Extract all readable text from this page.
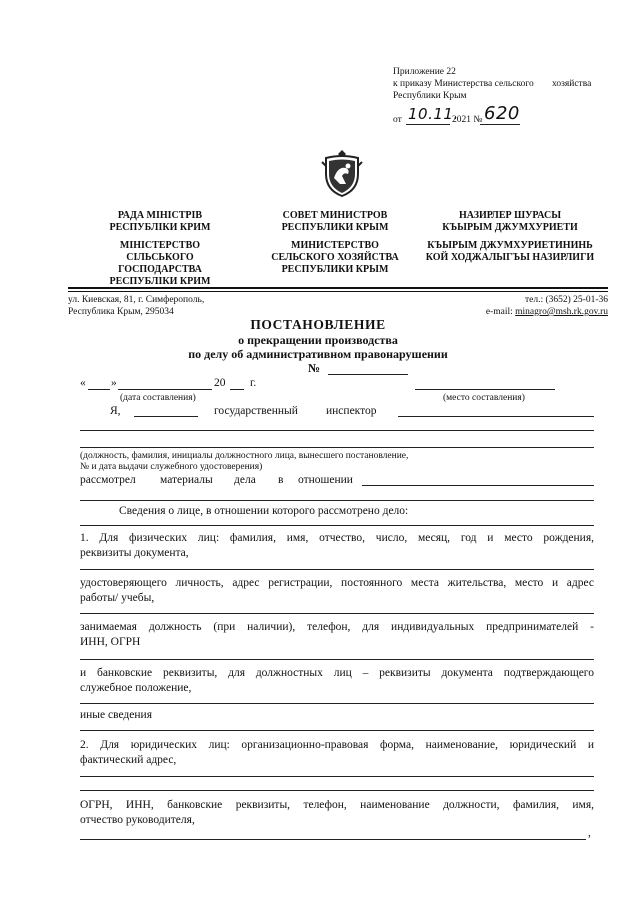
Приложение 22
к приказу Министерства сельского хозяйства
Республики Крым
от 10.11.
2021 № 620
РАДА МІНІСТРІВ
РЕСПУБЛІКИ КРИМ
СОВЕТ МИНИСТРОВ
РЕСПУБЛИКИ КРЫМ
НАЗИРЛЕР ШУРАСЫ
КЪЫРЫМ ДЖУМХУРИЕТИ
МІНІСТЕРСТВО
СІЛЬСЬКОГО
ГОСПОДАРСТВА
РЕСПУБЛІКИ КРИМ
МИНИСТЕРСТВО
СЕЛЬСКОГО ХОЗЯЙСТВА
РЕСПУБЛИКИ КРЫМ
КЪЫРЫМ ДЖУМХУРИЕТИНИНЬ
КОЙ ХОДЖАЛЫГЪЫ НАЗИРЛИГИ
ул. Киевская, 81, г. Симферополь,
Республика Крым, 295034
тел.: (3652) 25-01-36
e-mail: minagro@msh.rk.gov.ru
ПОСТАНОВЛЕНИЕ
о прекращении производства
по делу об административном правонарушении
№
« »	20 г.
(дата составления)	(место составления)
Я,	государственный инспектор
(должность, фамилия, инициалы должностного лица, вынесшего постановление,
№ и дата выдачи служебного удостоверения)
рассмотрел материалы дела в отношении
Сведения о лице, в отношении которого рассмотрено дело:
1. Для физических лиц: фамилия, имя, отчество, число, месяц, год и место рождения,
реквизиты документа,
удостоверяющего личность, адрес регистрации, постоянного места жительства, место и адрес
работы/ учебы,
занимаемая должность (при наличии), телефон, для индивидуальных предпринимателей -
ИНН, ОГРН
и банковские реквизиты, для должностных лиц – реквизиты документа подтверждающего
служебное положение,
иные сведения
2. Для юридических лиц: организационно-правовая форма, наименование, юридический и
фактический адрес,
ОГРН, ИНН, банковские реквизиты, телефон, наименование должности, фамилия, имя,
отчество руководителя,
,
